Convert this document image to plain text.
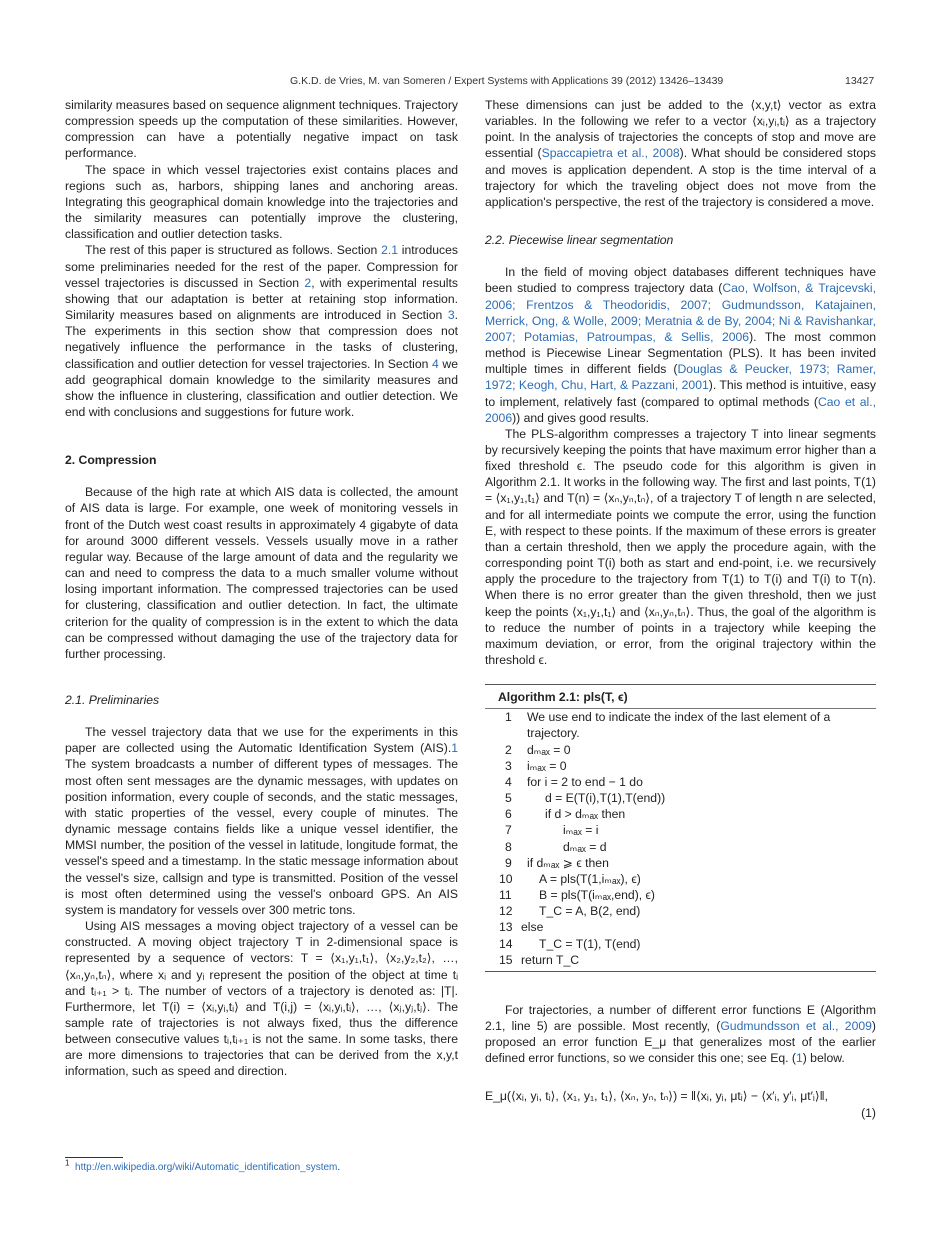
G.K.D. de Vries, M. van Someren / Expert Systems with Applications 39 (2012) 13426–13439	13427

similarity measures based on sequence alignment techniques. Trajectory compression speeds up the computation of these similarities. However, compression can have a potentially negative impact on task performance.

The space in which vessel trajectories exist contains places and regions such as, harbors, shipping lanes and anchoring areas. Integrating this geographical domain knowledge into the trajectories and the similarity measures can potentially improve the clustering, classification and outlier detection tasks.

The rest of this paper is structured as follows. Section 2.1 introduces some preliminaries needed for the rest of the paper. Compression for vessel trajectories is discussed in Section 2, with experimental results showing that our adaptation is better at retaining stop information. Similarity measures based on alignments are introduced in Section 3. The experiments in this section show that compression does not negatively influence the performance in the tasks of clustering, classification and outlier detection for vessel trajectories. In Section 4 we add geographical domain knowledge to the similarity measures and show the influence in clustering, classification and outlier detection. We end with conclusions and suggestions for future work.

2. Compression

Because of the high rate at which AIS data is collected, the amount of AIS data is large. For example, one week of monitoring vessels in front of the Dutch west coast results in approximately 4 gigabyte of data for around 3000 different vessels. Vessels usually move in a rather regular way. Because of the large amount of data and the regularity we can and need to compress the data to a much smaller volume without losing important information. The compressed trajectories can be used for clustering, classification and outlier detection. In fact, the ultimate criterion for the quality of compression is in the extent to which the data can be compressed without damaging the use of the trajectory data for further processing.

2.1. Preliminaries

The vessel trajectory data that we use for the experiments in this paper are collected using the Automatic Identification System (AIS).1 The system broadcasts a number of different types of messages. The most often sent messages are the dynamic messages, with updates on position information, every couple of seconds, and the static messages, with static properties of the vessel, every couple of minutes. The dynamic message contains fields like a unique vessel identifier, the MMSI number, the position of the vessel in latitude, longitude format, the vessel's speed and a timestamp. In the static message information about the vessel's size, callsign and type is transmitted. Position of the vessel is most often determined using the vessel's onboard GPS. An AIS system is mandatory for vessels over 300 metric tons.

Using AIS messages a moving object trajectory of a vessel can be constructed. A moving object trajectory T in 2-dimensional space is represented by a sequence of vectors: T = ⟨x₁,y₁,t₁⟩, ⟨x₂,y₂,t₂⟩, …, ⟨xₙ,yₙ,tₙ⟩, where xᵢ and yᵢ represent the position of the object at time tᵢ and tᵢ₊₁ > tᵢ. The number of vectors of a trajectory is denoted as: |T|. Furthermore, let T(i) = ⟨xᵢ,yᵢ,tᵢ⟩ and T(i,j) = ⟨xᵢ,yᵢ,tᵢ⟩, …, ⟨xⱼ,yⱼ,tⱼ⟩. The sample rate of trajectories is not always fixed, thus the difference between consecutive values tᵢ,tᵢ₊₁ is not the same. In some tasks, there are more dimensions to trajectories that can be derived from the x,y,t information, such as speed and direction.

These dimensions can just be added to the ⟨x,y,t⟩ vector as extra variables. In the following we refer to a vector ⟨xᵢ,yᵢ,tᵢ⟩ as a trajectory point. In the analysis of trajectories the concepts of stop and move are essential (Spaccapietra et al., 2008). What should be considered stops and moves is application dependent. A stop is the time interval of a trajectory for which the traveling object does not move from the application's perspective, the rest of the trajectory is considered a move.

2.2. Piecewise linear segmentation

In the field of moving object databases different techniques have been studied to compress trajectory data (Cao, Wolfson, & Trajcevski, 2006; Frentzos & Theodoridis, 2007; Gudmundsson, Katajainen, Merrick, Ong, & Wolle, 2009; Meratnia & de By, 2004; Ni & Ravishankar, 2007; Potamias, Patroumpas, & Sellis, 2006). The most common method is Piecewise Linear Segmentation (PLS). It has been invited multiple times in different fields (Douglas & Peucker, 1973; Ramer, 1972; Keogh, Chu, Hart, & Pazzani, 2001). This method is intuitive, easy to implement, relatively fast (compared to optimal methods (Cao et al., 2006)) and gives good results.

The PLS-algorithm compresses a trajectory T into linear segments by recursively keeping the points that have maximum error higher than a fixed threshold ϵ. The pseudo code for this algorithm is given in Algorithm 2.1. It works in the following way. The first and last points, T(1) = ⟨x₁,y₁,t₁⟩ and T(n) = ⟨xₙ,yₙ,tₙ⟩, of a trajectory T of length n are selected, and for all intermediate points we compute the error, using the function E, with respect to these points. If the maximum of these errors is greater than a certain threshold, then we apply the procedure again, with the corresponding point T(i) both as start and end-point, i.e. we recursively apply the procedure to the trajectory from T(1) to T(i) and T(i) to T(n). When there is no error greater than the given threshold, then we just keep the points ⟨x₁,y₁,t₁⟩ and ⟨xₙ,yₙ,tₙ⟩. Thus, the goal of the algorithm is to reduce the number of points in a trajectory while keeping the maximum deviation, or error, from the original trajectory within the threshold ϵ.

Algorithm 2.1: pls(T, ϵ)
1	We use end to indicate the index of the last element of a trajectory.
2	dₘₐₓ = 0
3	iₘₐₓ = 0
4	for i = 2 to end − 1 do
5	d = E(T(i),T(1),T(end))
6	if d > dₘₐₓ then
7	iₘₐₓ = i
8	dₘₐₓ = d
9	if dₘₐₓ ⩾ ϵ then
10	A = pls(T(1,iₘₐₓ), ϵ)
11	B = pls(T(iₘₐₓ,end), ϵ)
12	T_C = A, B(2, end)
13 else
14	T_C = T(1), T(end)
15 return T_C

For trajectories, a number of different error functions E (Algorithm 2.1, line 5) are possible. Most recently, (Gudmundsson et al., 2009) proposed an error function E_μ that generalizes most of the earlier defined error functions, so we consider this one; see Eq. (1) below.

E_μ(⟨xᵢ, yᵢ, tᵢ⟩, ⟨x₁, y₁, t₁⟩, ⟨xₙ, yₙ, tₙ⟩) = ‖⟨xᵢ, yᵢ, μtᵢ⟩ − ⟨x′ᵢ, y′ᵢ, μt′ᵢ⟩‖,
(1)
$^1$ http://en.wikipedia.org/wiki/Automatic_identification_system.
